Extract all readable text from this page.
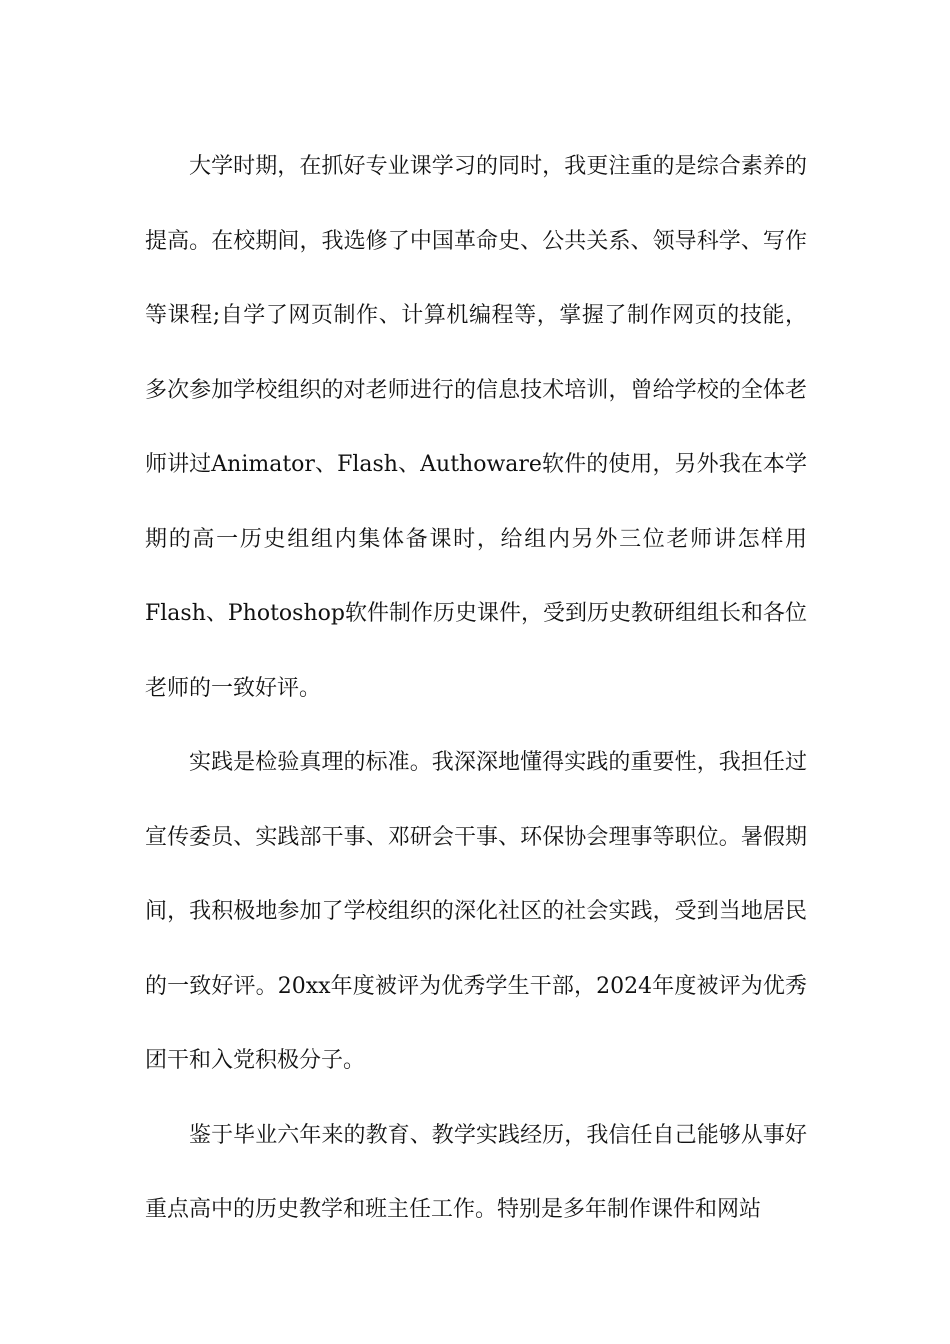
大学时期，在抓好专业课学习的同时，我更注重的是综合素养的提高。在校期间，我选修了中国革命史、公共关系、领导科学、写作等课程;自学了网页制作、计算机编程等，掌握了制作网页的技能，多次参加学校组织的对老师进行的信息技术培训，曾给学校的全体老师讲过Animator、Flash、Authoware软件的使用，另外我在本学期的高一历史组组内集体备课时，给组内另外三位老师讲怎样用Flash、Photoshop软件制作历史课件，受到历史教研组组长和各位老师的一致好评。

实践是检验真理的标准。我深深地懂得实践的重要性，我担任过宣传委员、实践部干事、邓研会干事、环保协会理事等职位。暑假期间，我积极地参加了学校组织的深化社区的社会实践，受到当地居民的一致好评。20xx年度被评为优秀学生干部，2024年度被评为优秀团干和入党积极分子。

鉴于毕业六年来的教育、教学实践经历，我信任自己能够从事好重点高中的历史教学和班主任工作。特别是多年制作课件和网站
